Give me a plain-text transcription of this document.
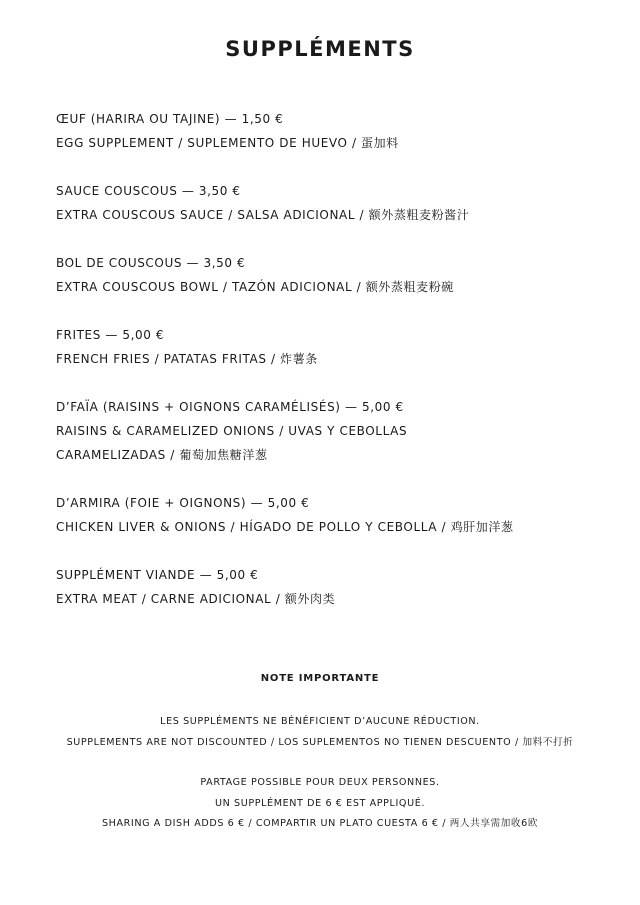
SUPPLÉMENTS
ŒUF (HARIRA OU TAJINE) — 1,50 €
EGG SUPPLEMENT / SUPLEMENTO DE HUEVO / 蛋加料
SAUCE COUSCOUS — 3,50 €
EXTRA COUSCOUS SAUCE / SALSA ADICIONAL / 额外蒸粗麦粉酱汁
BOL DE COUSCOUS — 3,50 €
EXTRA COUSCOUS BOWL / TAZÓN ADICIONAL / 额外蒸粗麦粉碗
FRITES — 5,00 €
FRENCH FRIES / PATATAS FRITAS / 炸薯条
D’FAÏA (RAISINS + OIGNONS CARAMÉLISÉS) — 5,00 €
RAISINS & CARAMELIZED ONIONS / UVAS Y CEBOLLAS
CARAMELIZADAS / 葡萄加焦糖洋葱
D’ARMIRA (FOIE + OIGNONS) — 5,00 €
CHICKEN LIVER & ONIONS / HÍGADO DE POLLO Y CEBOLLA / 鸡肝加洋葱
SUPPLÉMENT VIANDE — 5,00 €
EXTRA MEAT / CARNE ADICIONAL / 额外肉类
NOTE IMPORTANTE
LES SUPPLÉMENTS NE BÉNÉFICIENT D’AUCUNE RÉDUCTION.
SUPPLEMENTS ARE NOT DISCOUNTED / LOS SUPLEMENTOS NO TIENEN DESCUENTO / 加料不打折
PARTAGE POSSIBLE POUR DEUX PERSONNES.
UN SUPPLÉMENT DE 6 € EST APPLIQUÉ.
SHARING A DISH ADDS 6 € / COMPARTIR UN PLATO CUESTA 6 € / 两人共享需加收6欧
